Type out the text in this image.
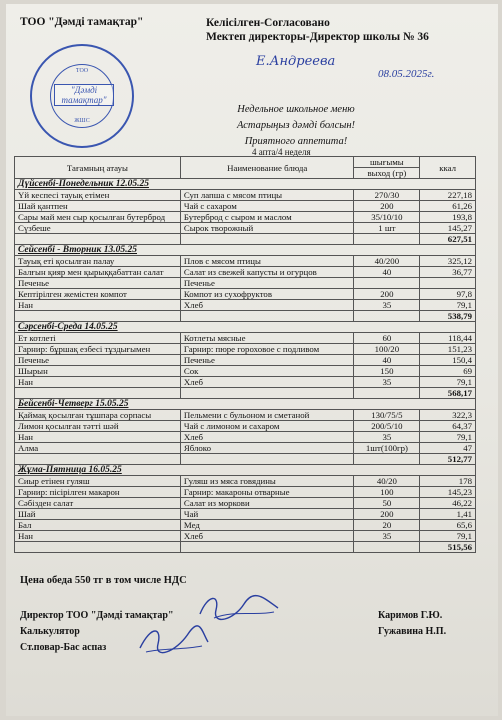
ТОО "Дәмді тамақтар"	Келісілген-Согласовано
Мектеп директоры-Директор школы № 36
Е.Андреева
08.05.2025г.
ТОО
"Дәмді тамақтар"
ЖШС
Недельное школьное меню
Астарыңыз дәмді болсын!
Приятного аппетита!
4 апта/4 неделя
Тағамның атауы	Наименование блюда	шығымы	ккал
		выход (гр)	
Дүйсенбі-Понедельник 12.05.25			
Үй кеспесі тауық етімен	Суп лапша с мясом птицы	270/30	227,18
Шай қантпен	Чай с сахаром	200	61,26
Сары май мен сыр қосылған бутерброд	Бутерброд с сыром и маслом	35/10/10	193,8
Сүзбеше	Сырок творожный	1 шт	145,27
			627,51
Сейсенбі - Вторник 13.05.25			
Тауық еті қосылған палау	Плов с мясом птицы	40/200	325,12
Балғын қияр мен қырыққабаттан салат	Салат из свежей капусты и огурцов	40	36,77
Печенье	Печенье		
Кептірілген жемістен компот	Компот из сухофруктов	200	97,8
Нан	Хлеб	35	79,1
			538,79
Сәрсенбі-Среда 14.05.25			
Ет котлеті	Котлеты мясные	60	118,44
Гарнир: бұршақ езбесі тұздығымен	Гарнир: пюре гороховое с подливом	100/20	151,23
Печенье	Печенье	40	150,4
Шырын	Сок	150	69
Нан	Хлеб	35	79,1
			568,17
Бейсенбі-Четверг 15.05.25			
Қаймақ қосылған тұшпара сорпасы	Пельмени с бульоном и сметаной	130/75/5	322,3
Лимон қосылған тәтті шәй	Чай с лимоном и сахаром	200/5/10	64,37
Нан	Хлеб	35	79,1
Алма	Яблоко	1шт(100гр)	47
			512,77
Жұма-Пятница 16.05.25			
Сиыр етінен гуляш	Гуляш из мяса говядины	40/20	178
Гарнир: пісірілген макарон	Гарнир: макароны отварные	100	145,23
Сәбізден салат	Салат из моркови	50	46,22
Шай	Чай	200	1,41
Бал	Мед	20	65,6
Нан	Хлеб	35	79,1
			515,56
Цена обеда 550 тг в том числе НДС
Директор ТОО "Дәмді тамақтар"	Каримов Г.Ю.
Калькулятор	Гужавина Н.П.
Ст.повар-Бас аспаз
